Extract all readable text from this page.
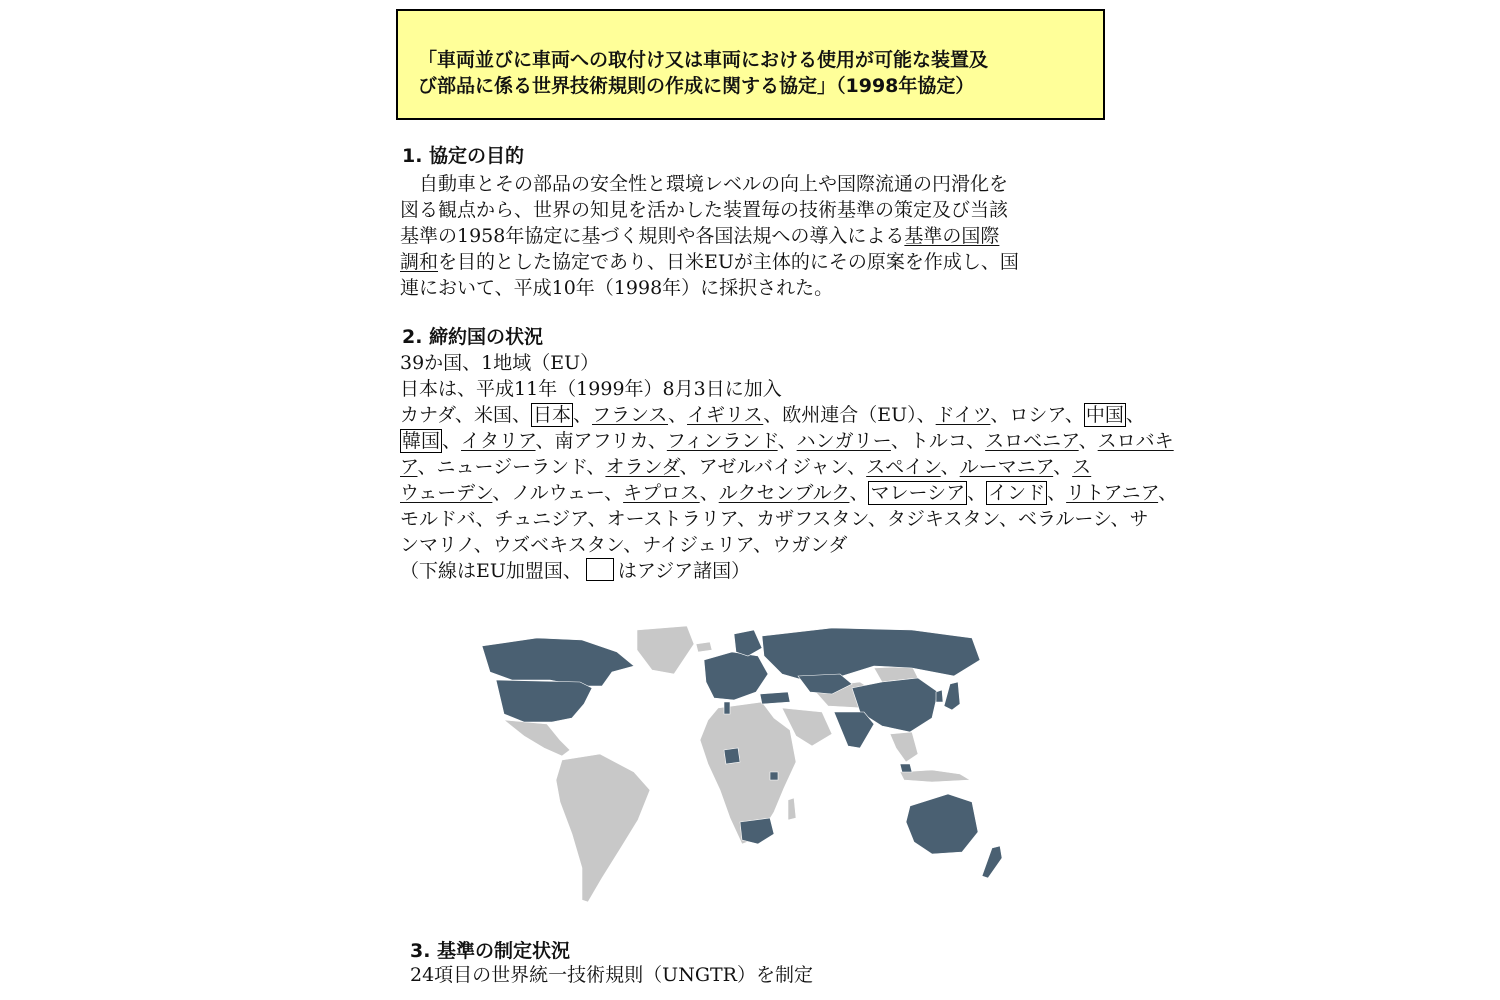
「車両並びに車両への取付け又は車両における使用が可能な装置及
び部品に係る世界技術規則の作成に関する協定」（1998年協定）
1. 協定の目的
　自動車とその部品の安全性と環境レベルの向上や国際流通の円滑化を
図る観点から、世界の知見を活かした装置毎の技術基準の策定及び当該
基準の1958年協定に基づく規則や各国法規への導入による基準の国際
調和を目的とした協定であり、日米EUが主体的にその原案を作成し、国
連において、平成10年（1998年）に採択された。
2. 締約国の状況
39か国、1地域（EU）
日本は、平成11年（1999年）8月3日に加入
カナダ、米国、 日本 、フランス、イギリス、欧州連合（EU）、ドイツ、ロシア、 中国 、
韓国 、イタリア、南アフリカ、フィンランド、ハンガリー、トルコ、スロベニア、スロバキ
ア、ニュージーランド、オランダ、アゼルバイジャン、スペイン、ルーマニア、ス
ウェーデン、ノルウェー、キプロス、ルクセンブルク、 マレーシア 、 インド 、リトアニア、
モルドバ、チュニジア、オーストラリア、カザフスタン、タジキスタン、ベラルーシ、サ
ンマリノ、ウズベキスタン、ナイジェリア、ウガンダ
（下線はEU加盟国、 はアジア諸国）
3. 基準の制定状況
24項目の世界統一技術規則（UNGTR）を制定
